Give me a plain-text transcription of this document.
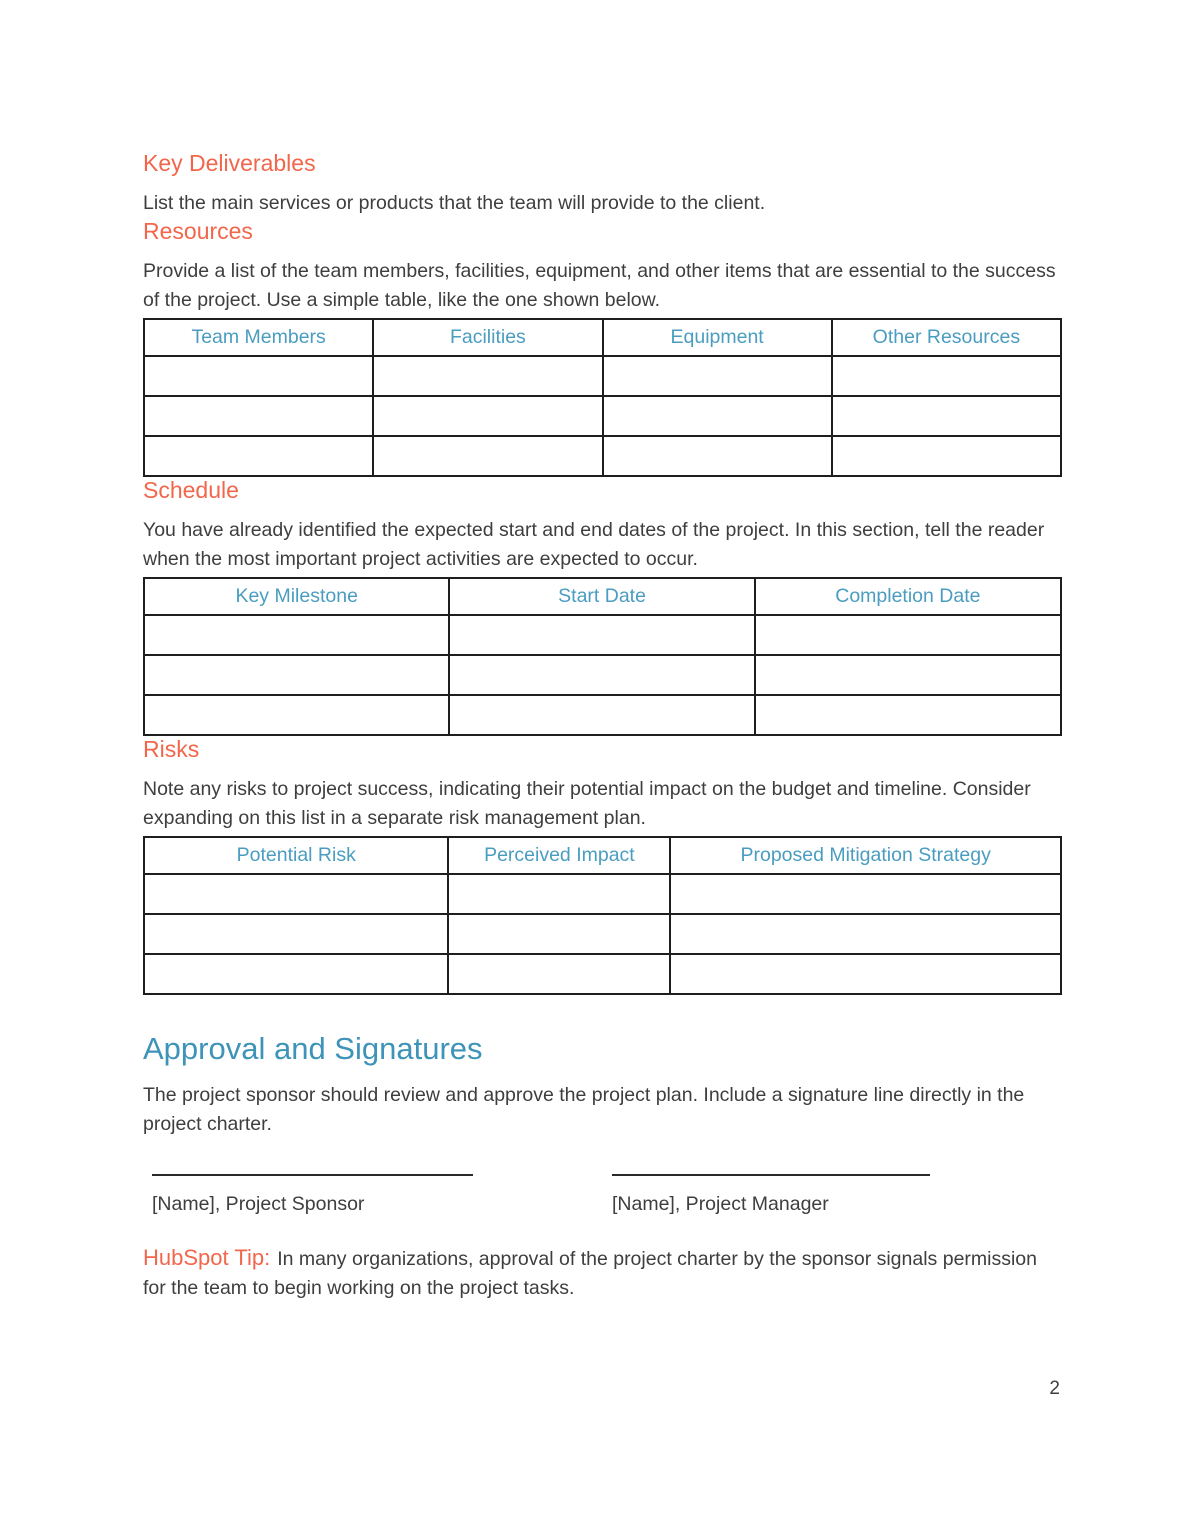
Key Deliverables

List the main services or products that the team will provide to the client.

Resources

Provide a list of the team members, facilities, equipment, and other items that are essential to the success of the project. Use a simple table, like the one shown below.

Team Members	Facilities	Equipment	Other Resources

Schedule

You have already identified the expected start and end dates of the project. In this section, tell the reader when the most important project activities are expected to occur.

Key Milestone	Start Date	Completion Date

Risks

Note any risks to project success, indicating their potential impact on the budget and timeline. Consider expanding on this list in a separate risk management plan.

Potential Risk	Perceived Impact	Proposed Mitigation Strategy

Approval and Signatures

The project sponsor should review and approve the project plan. Include a signature line directly in the project charter.

[Name], Project Sponsor	[Name], Project Manager

HubSpot Tip: In many organizations, approval of the project charter by the sponsor signals permission for the team to begin working on the project tasks.

2
